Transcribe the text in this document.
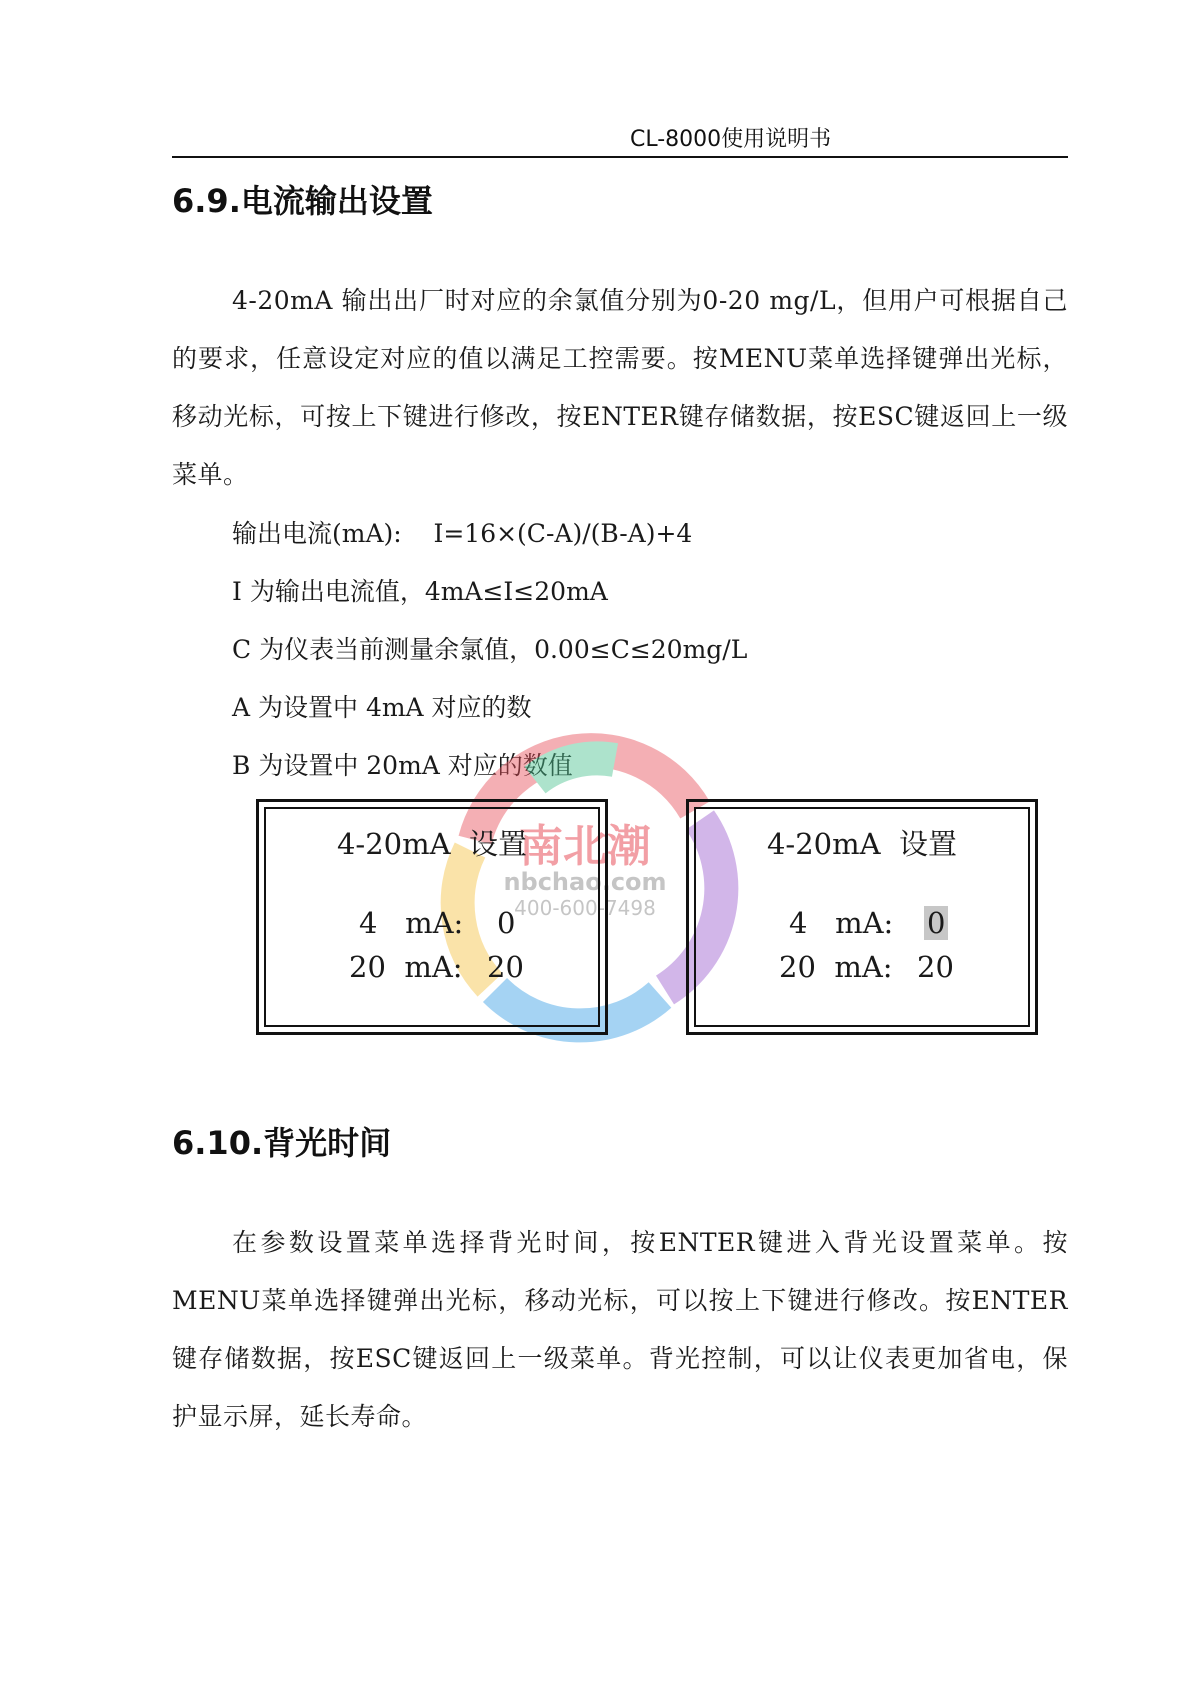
CL-8000使用说明书
6.9.电流输出设置

4-20mA 输出出厂时对应的余氯值分别为0-20 mg/L，但用户可根据自己的要求，任意设定对应的值以满足工控需要。按MENU菜单选择键弹出光标，移动光标，可按上下键进行修改，按ENTER键存储数据，按ESC键返回上一级菜单。

输出电流(mA):    I=16×(C-A)/(B-A)+4

I 为输出电流值，4mA≤I≤20mA

C 为仪表当前测量余氯值，0.00≤C≤20mg/L

A 为设置中 4mA 对应的数

B 为设置中 20mA 对应的数值

南北潮
nbchao.com
400-600-7498
4-20mA  设置
4   mA: 0
20  mA: 20
4-20mA  设置
4   mA: 0
20  mA: 20
6.10.背光时间

在参数设置菜单选择背光时间，按ENTER键进入背光设置菜单。按MENU菜单选择键弹出光标，移动光标，可以按上下键进行修改。按ENTER键存储数据，按ESC键返回上一级菜单。背光控制，可以让仪表更加省电，保护显示屏，延长寿命。
